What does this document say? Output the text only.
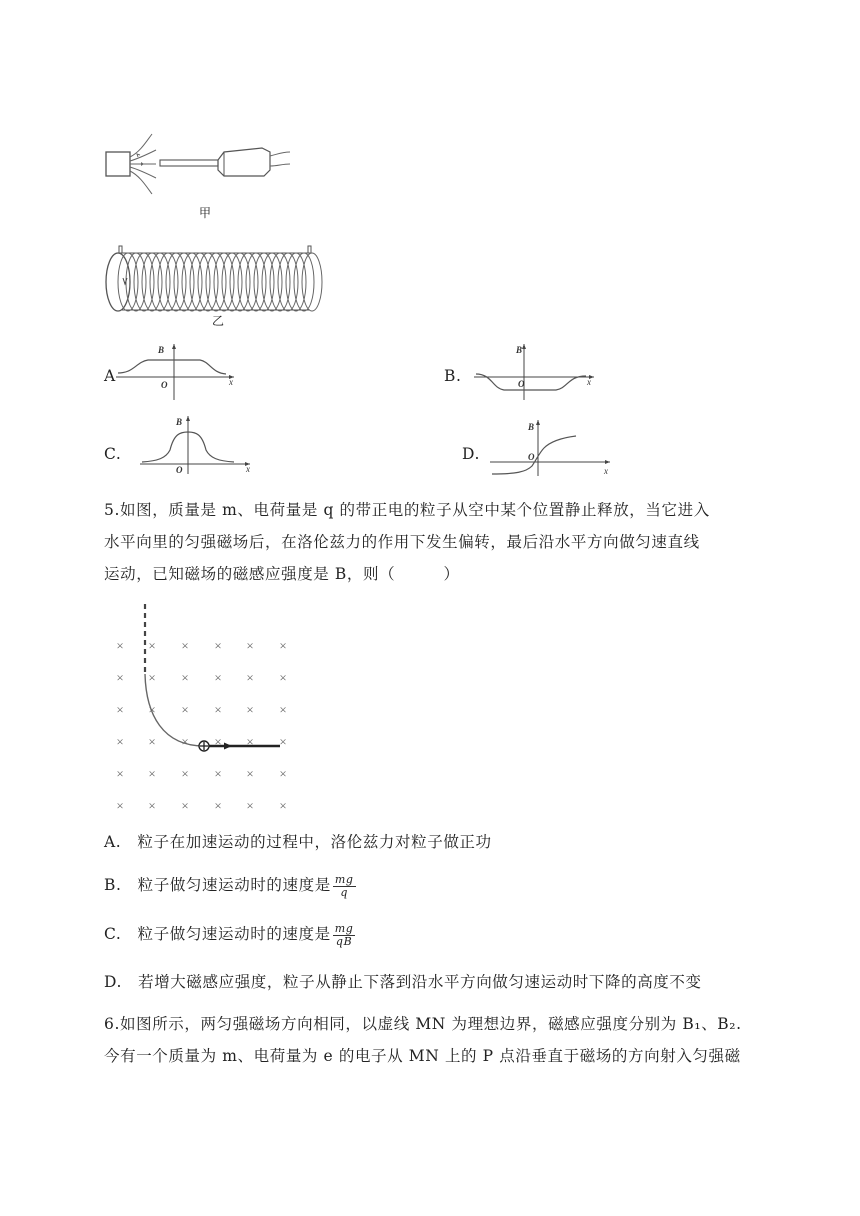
甲
乙
A
B
O	x	B.
B
O	x
C.
B
O	x
D.
B
O
x
5.如图，质量是 m、电荷量是 q 的带正电的粒子从空中某个位置静止释放，当它进入
水平向里的匀强磁场后，在洛伦兹力的作用下发生偏转，最后沿水平方向做匀速直线
运动，已知磁场的磁感应强度是 B，则（　　　）
× × × × × ×
× × × × × ×
× × × × × ×
× × × × × ×
× × × × × ×
× × × × × ×
A.　粒子在加速运动的过程中，洛伦兹力对粒子做正功
B.　粒子做匀速运动时的速度是 $\frac{mg}{q}$
C.　粒子做匀速运动时的速度是 $\frac{mg}{qB}$
D.　若增大磁感应强度，粒子从静止下落到沿水平方向做匀速运动时下降的高度不变
6.如图所示，两匀强磁场方向相同，以虚线 MN 为理想边界，磁感应强度分别为 B₁、B₂.
今有一个质量为 m、电荷量为 e 的电子从 MN 上的 P 点沿垂直于磁场的方向射入匀强磁
